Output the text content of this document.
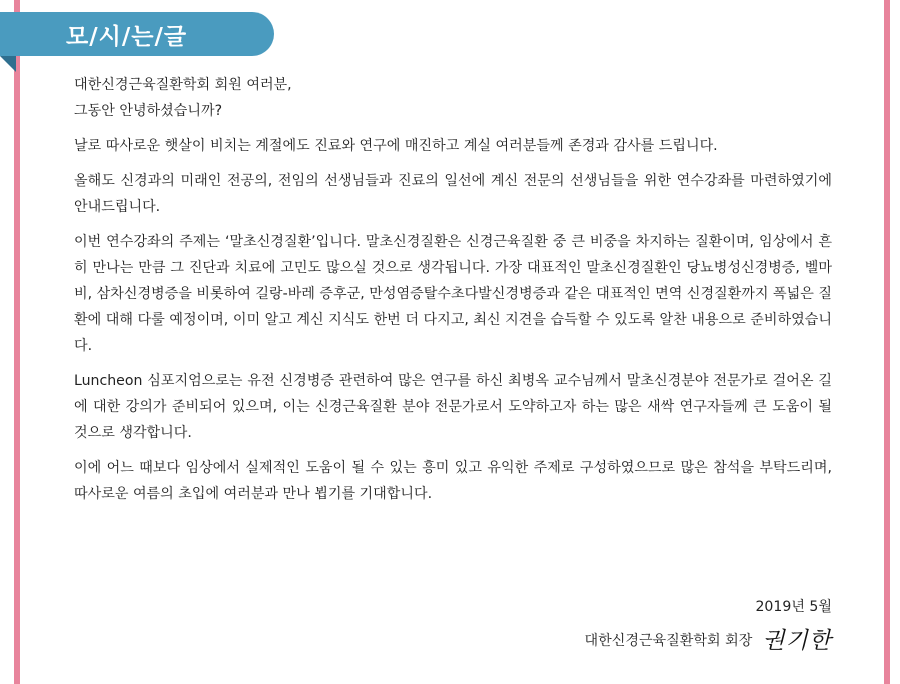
모/시/는/글

대한신경근육질환학회 회원 여러분,
그동안 안녕하셨습니까?

날로 따사로운 햇살이 비치는 계절에도 진료와 연구에 매진하고 계실 여러분들께 존경과 감사를 드립니다.

올해도 신경과의 미래인 전공의, 전임의 선생님들과 진료의 일선에 계신 전문의 선생님들을 위한 연수강좌를 마련하였기에 안내드립니다.

이번 연수강좌의 주제는 ‘말초신경질환’입니다. 말초신경질환은 신경근육질환 중 큰 비중을 차지하는 질환이며, 임상에서 흔히 만나는 만큼 그 진단과 치료에 고민도 많으실 것으로 생각됩니다. 가장 대표적인 말초신경질환인 당뇨병성신경병증, 벨마비, 삼차신경병증을 비롯하여 길랑-바레 증후군, 만성염증탈수초다발신경병증과 같은 대표적인 면역 신경질환까지 폭넓은 질환에 대해 다룰 예정이며, 이미 알고 계신 지식도 한번 더 다지고, 최신 지견을 습득할 수 있도록 알찬 내용으로 준비하였습니다.

Luncheon 심포지엄으로는 유전 신경병증 관련하여 많은 연구를 하신 최병옥 교수님께서 말초신경분야 전문가로 걸어온 길에 대한 강의가 준비되어 있으며, 이는 신경근육질환 분야 전문가로서 도약하고자 하는 많은 새싹 연구자들께 큰 도움이 될 것으로 생각합니다.

이에 어느 때보다 임상에서 실제적인 도움이 될 수 있는 흥미 있고 유익한 주제로 구성하였으므로 많은 참석을 부탁드리며, 따사로운 여름의 초입에 여러분과 만나 뵙기를 기대합니다.

2019년 5월
대한신경근육질환학회 회장 권기한
